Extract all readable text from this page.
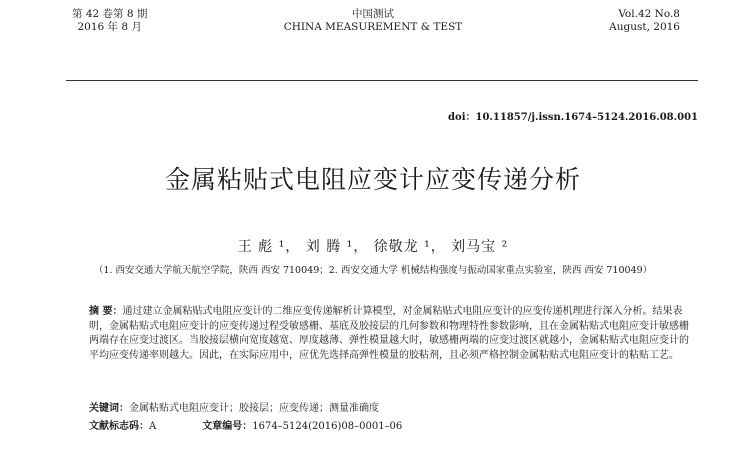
第 42 卷第 8 期
2016 年 8 月
中国测试
CHINA MEASUREMENT & TEST
Vol.42 No.8
August, 2016
doi：10.11857/j.issn.1674–5124.2016.08.001
金属粘贴式电阻应变计应变传递分析
王 彪 ¹， 刘 腾 ¹， 徐敬龙 ¹， 刘马宝 ²
（1. 西安交通大学航天航空学院，陕西 西安 710049；2. 西安交通大学 机械结构强度与振动国家重点实验室，陕西 西安 710049）
摘 要：通过建立金属粘贴式电阻应变计的二维应变传递解析计算模型，对金属粘贴式电阻应变计的应变传递机理进行深入分析。结果表明，金属粘贴式电阻应变计的应变传递过程受敏感栅、基底及胶接层的几何参数和物理特性参数影响，且在金属粘贴式电阻应变计敏感栅两端存在应变过渡区。当胶接层横向宽度越宽、厚度越薄、弹性模量越大时，敏感栅两端的应变过渡区就越小，金属粘贴式电阻应变计的平均应变传递率则越大。因此，在实际应用中，应优先选择高弹性模量的胶粘剂，且必须严格控制金属粘贴式电阻应变计的粘贴工艺。
关键词：金属粘贴式电阻应变计；胶接层；应变传递；测量准确度
文献标志码：A	文章编号：1674–5124(2016)08–0001–06
